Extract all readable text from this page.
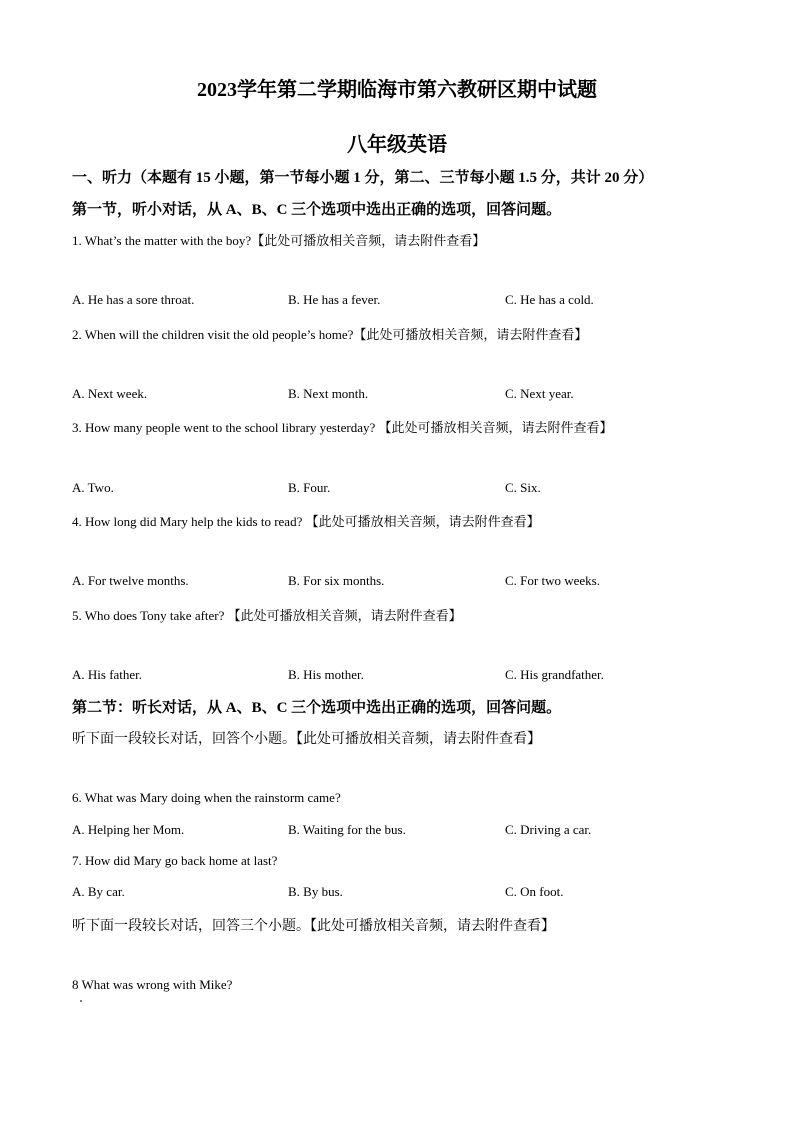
2023学年第二学期临海市第六教研区期中试题
八年级英语
一、听力（本题有 15 小题，第一节每小题 1 分，第二、三节每小题 1.5 分，共计 20 分）
第一节，听小对话，从 A、B、C 三个选项中选出正确的选项，回答问题。
1. What’s the matter with the boy?【此处可播放相关音频，请去附件查看】
A. He has a sore throat.	B. He has a fever.	C. He has a cold.
2. When will the children visit the old people’s home?【此处可播放相关音频，请去附件查看】
A. Next week.	B. Next month.	C. Next year.
3. How many people went to the school library yesterday? 【此处可播放相关音频，请去附件查看】
A. Two.	B. Four.	C. Six.
4. How long did Mary help the kids to read? 【此处可播放相关音频，请去附件查看】
A. For twelve months.	B. For six months.	C. For two weeks.
5. Who does Tony take after? 【此处可播放相关音频，请去附件查看】
A. His father.	B. His mother.	C. His grandfather.
第二节：听长对话，从 A、B、C 三个选项中选出正确的选项，回答问题。
听下面一段较长对话，回答个小题。【此处可播放相关音频，请去附件查看】
6. What was Mary doing when the rainstorm came?
A. Helping her Mom.	B. Waiting for the bus.	C. Driving a car.
7. How did Mary go back home at last?
A. By car.	B. By bus.	C. On foot.
听下面一段较长对话，回答三个小题。【此处可播放相关音频，请去附件查看】
8 What was wrong with Mike?
